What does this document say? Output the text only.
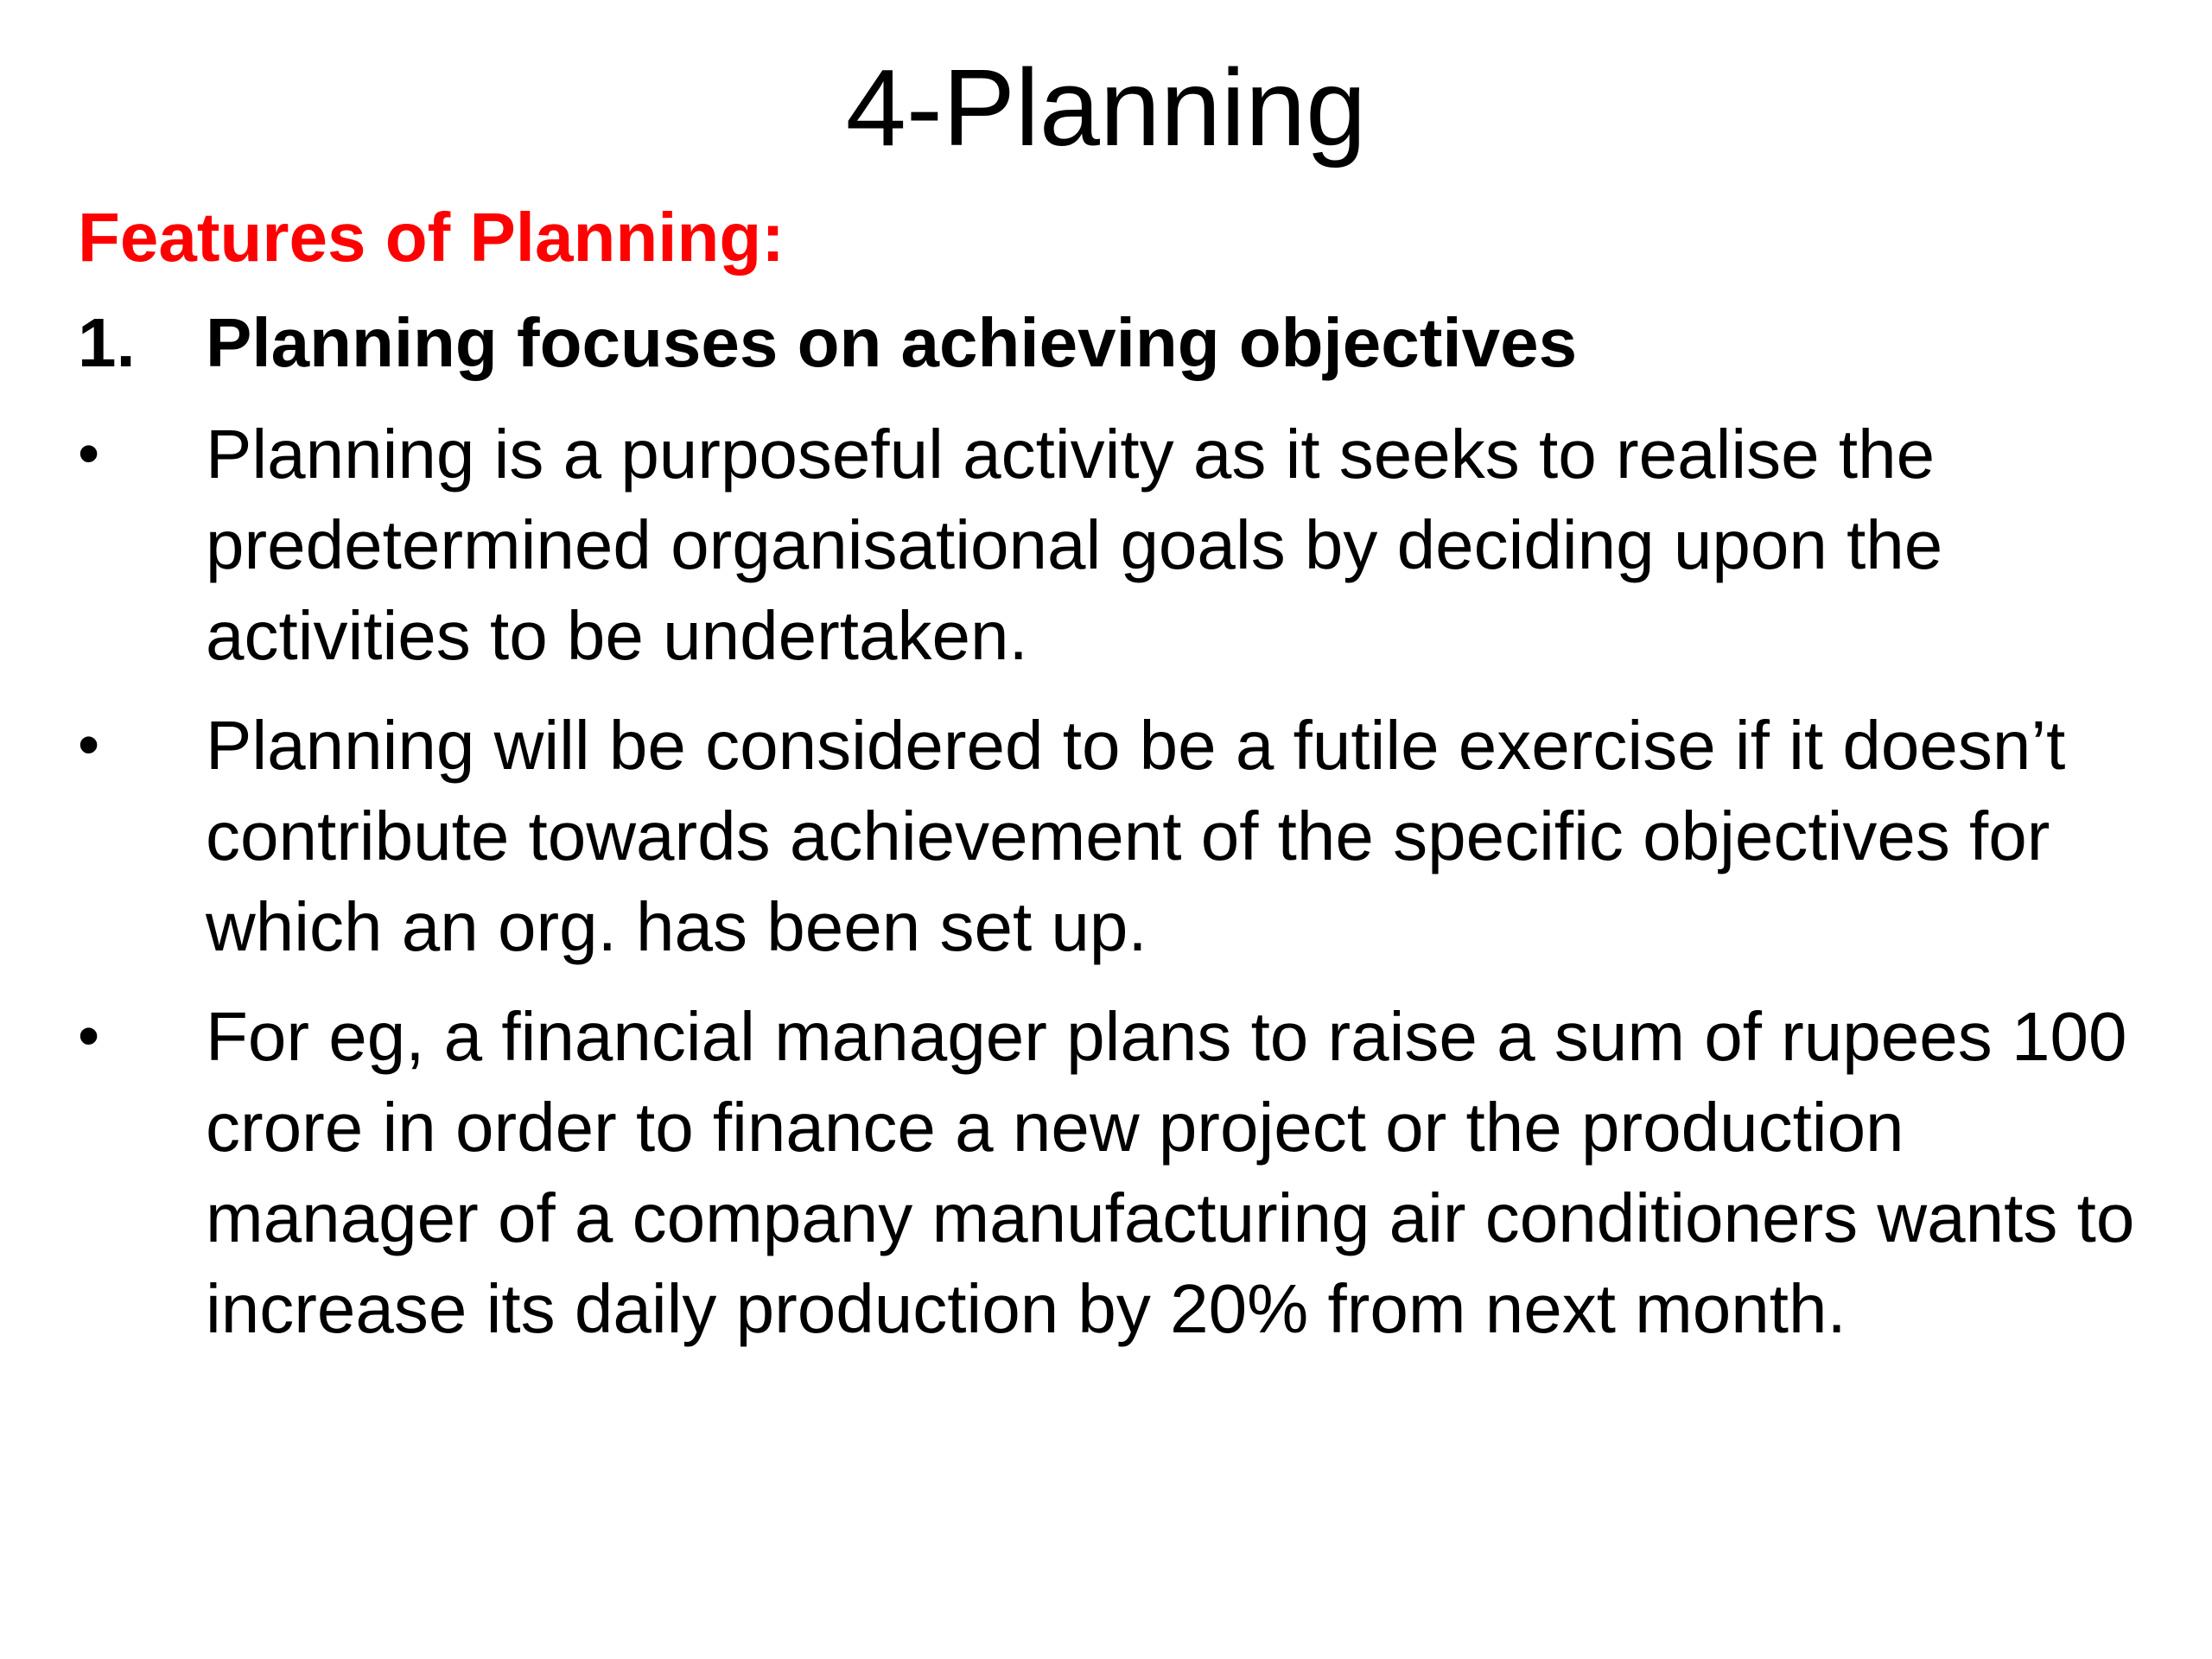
4-Planning
Features of Planning:
1.	Planning focuses on achieving objectives
•	Planning is a purposeful activity as it seeks to realise the predetermined organisational goals by deciding upon the activities to be undertaken.
•	Planning will be considered to be a futile exercise if it doesn’t contribute towards achievement of the specific objectives for which an org. has been set up.
•	For eg, a financial manager plans to raise a sum of rupees 100 crore in order to finance a new project or the production manager of a company manufacturing air conditioners wants to increase its daily production by 20% from next month.
